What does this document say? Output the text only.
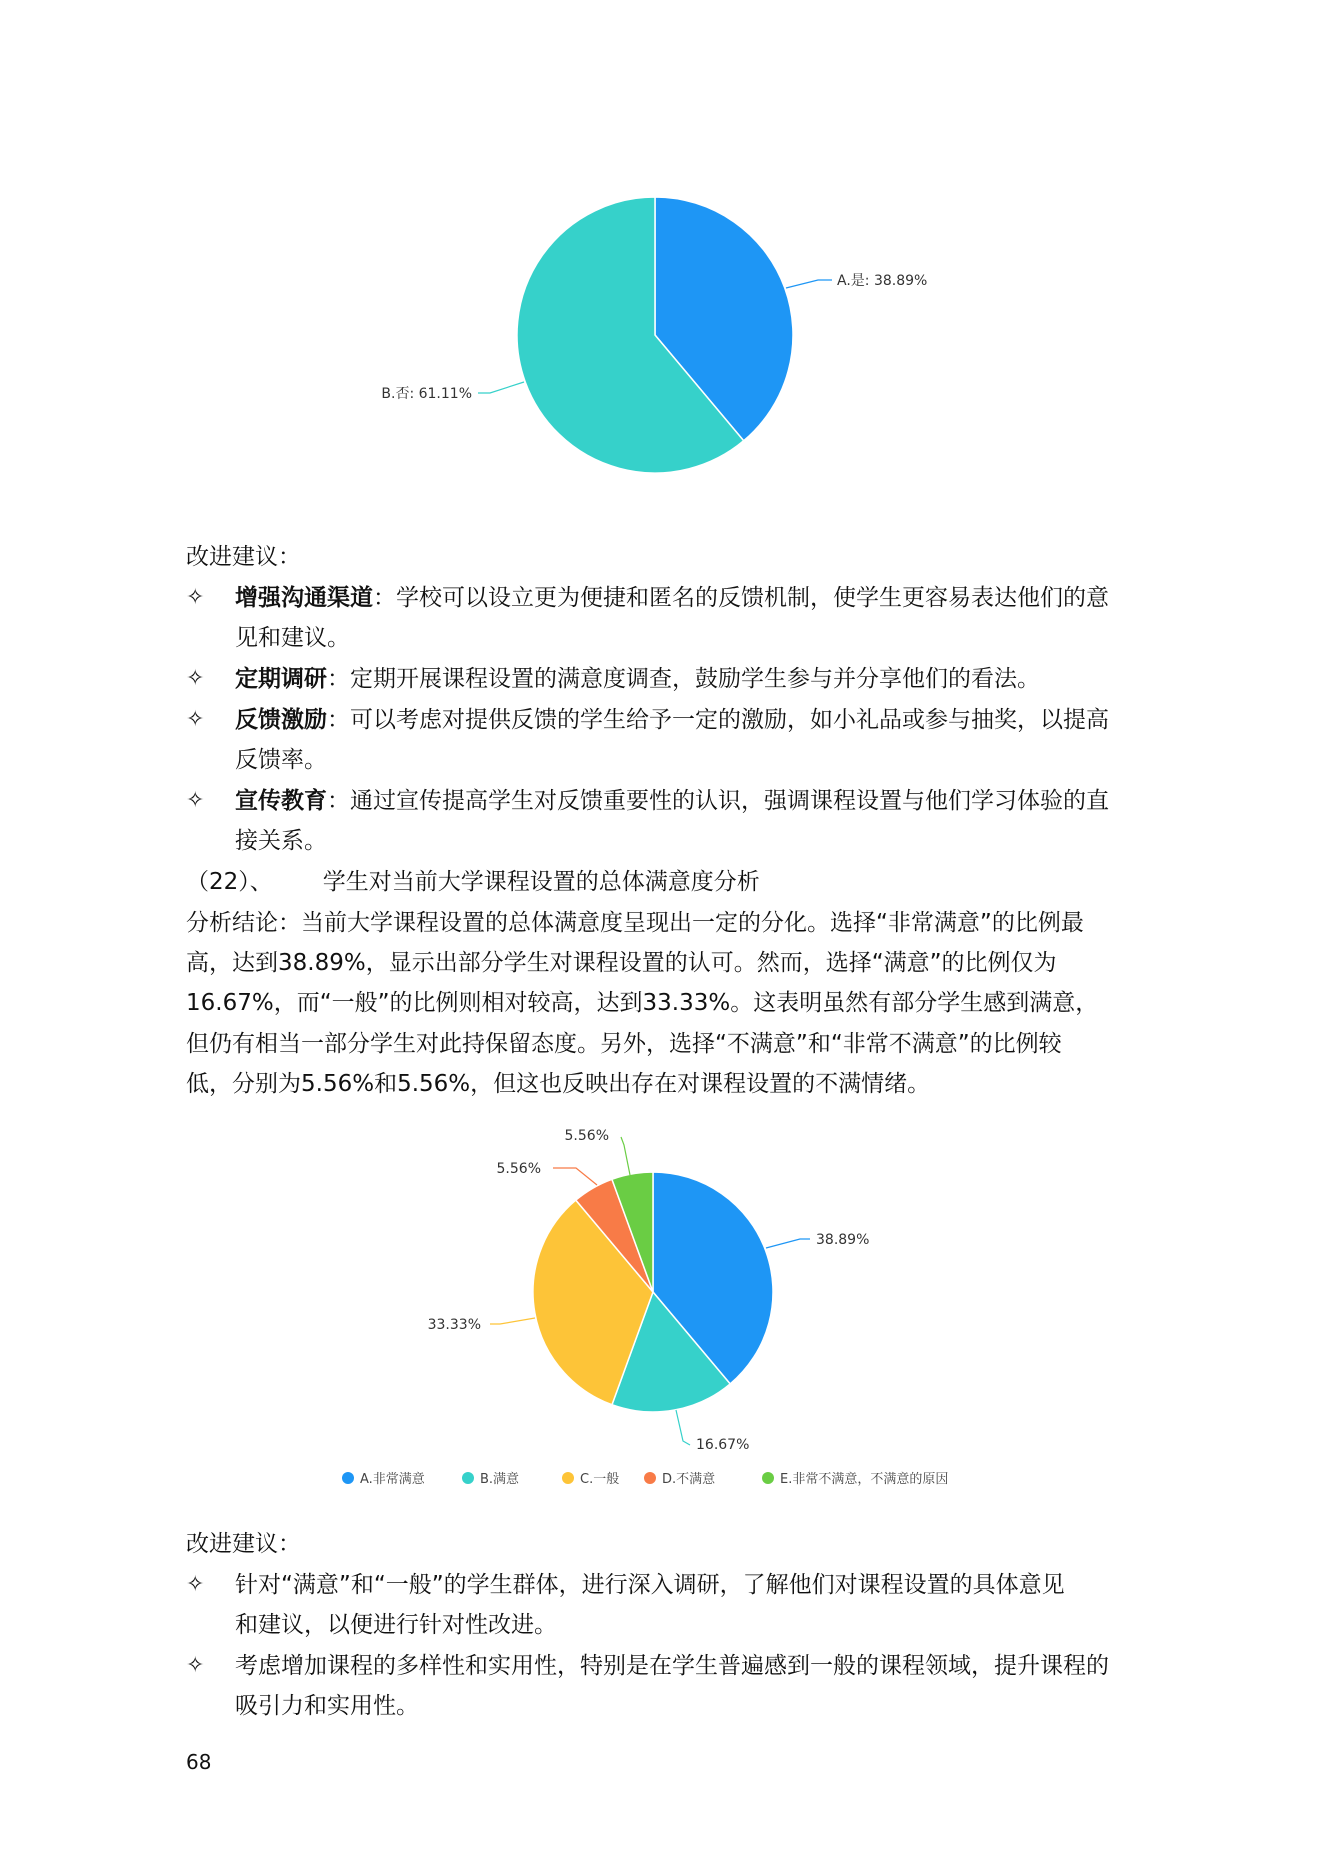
A.是: 38.89%
B.否: 61.11%
改进建议：
✧	增强沟通渠道：学校可以设立更为便捷和匿名的反馈机制，使学生更容易表达他们的意
见和建议。
✧	定期调研：定期开展课程设置的满意度调查，鼓励学生参与并分享他们的看法。
✧	反馈激励：可以考虑对提供反馈的学生给予一定的激励，如小礼品或参与抽奖，以提高
反馈率。
✧	宣传教育：通过宣传提高学生对反馈重要性的认识，强调课程设置与他们学习体验的直
接关系。
（22）、 学生对当前大学课程设置的总体满意度分析
分析结论：当前大学课程设置的总体满意度呈现出一定的分化。选择“非常满意”的比例最
高，达到38.89%，显示出部分学生对课程设置的认可。然而，选择“满意”的比例仅为
16.67%，而“一般”的比例则相对较高，达到33.33%。这表明虽然有部分学生感到满意，
但仍有相当一部分学生对此持保留态度。另外，选择“不满意”和“非常不满意”的比例较
低，分别为5.56%和5.56%，但这也反映出存在对课程设置的不满情绪。
38.89%
16.67%
33.33%
5.56%
5.56%
A.非常满意	B.满意	C.一般	D.不满意	E.非常不满意，不满意的原因
改进建议：
✧	针对“满意”和“一般”的学生群体，进行深入调研，了解他们对课程设置的具体意见
和建议，以便进行针对性改进。
✧	考虑增加课程的多样性和实用性，特别是在学生普遍感到一般的课程领域，提升课程的
吸引力和实用性。
68
